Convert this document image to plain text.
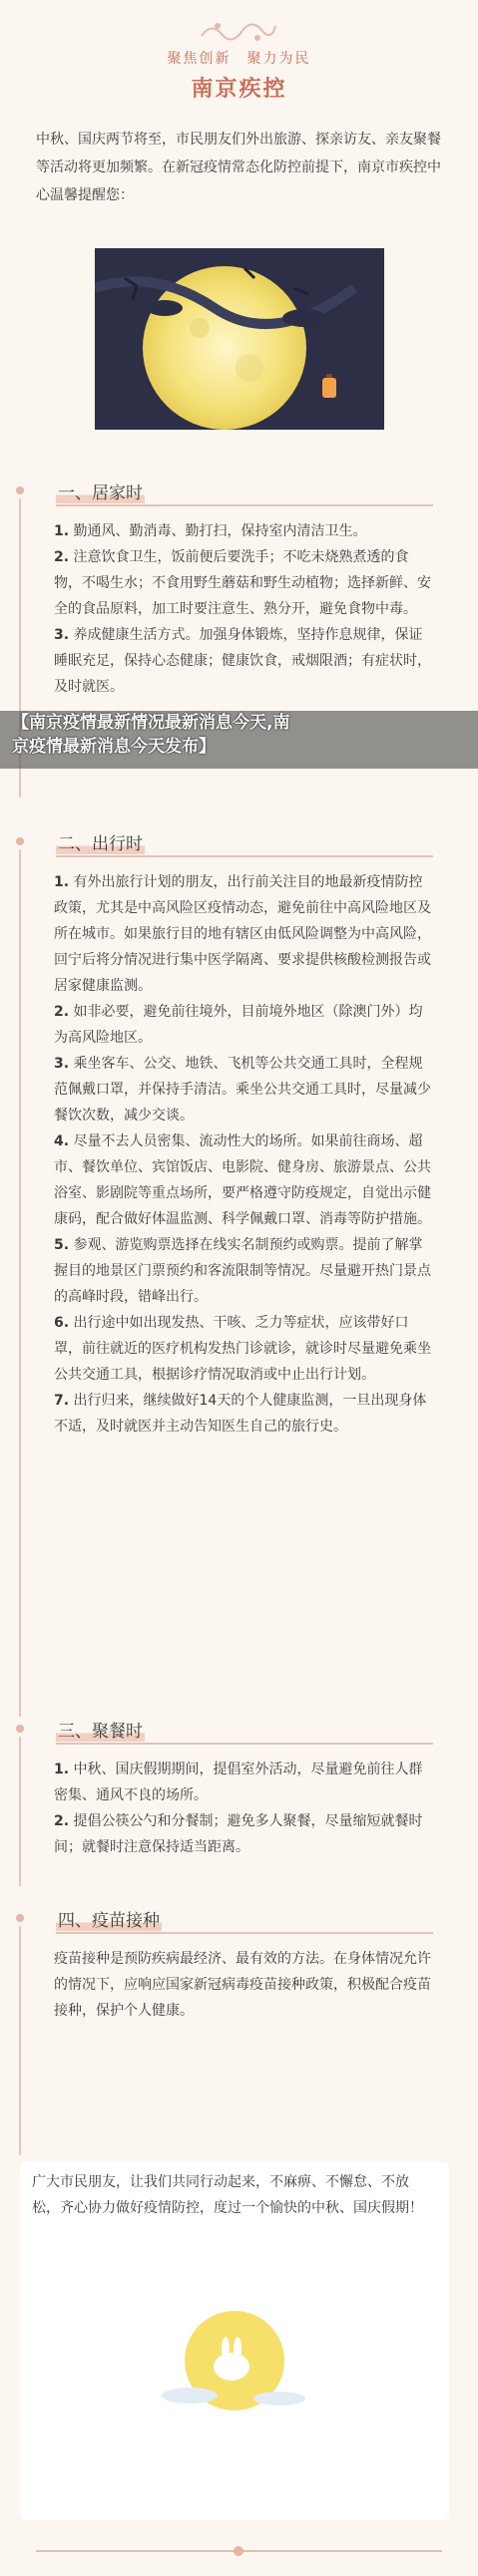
聚焦创新　聚力为民
南京疾控
中秋、国庆两节将至，市民朋友们外出旅游、探亲访友、亲友聚餐等活动将更加频繁。在新冠疫情常态化防控前提下，南京市疾控中心温馨提醒您：
一、居家时
1. 勤通风、勤消毒、勤打扫，保持室内清洁卫生。
2. 注意饮食卫生，饭前便后要洗手；不吃未烧熟煮透的食物，不喝生水；不食用野生蘑菇和野生动植物；选择新鲜、安全的食品原料，加工时要注意生、熟分开，避免食物中毒。
3. 养成健康生活方式。加强身体锻炼，坚持作息规律，保证睡眠充足，保持心态健康；健康饮食，戒烟限酒；有症状时，及时就医。
二、出行时
1. 有外出旅行计划的朋友，出行前关注目的地最新疫情防控政策，尤其是中高风险区疫情动态，避免前往中高风险地区及所在城市。如果旅行目的地有辖区由低风险调整为中高风险，回宁后将分情况进行集中医学隔离、要求提供核酸检测报告或居家健康监测。
2. 如非必要，避免前往境外，目前境外地区（除澳门外）均为高风险地区。
3. 乘坐客车、公交、地铁、飞机等公共交通工具时，全程规范佩戴口罩，并保持手清洁。乘坐公共交通工具时，尽量减少餐饮次数，减少交谈。
4. 尽量不去人员密集、流动性大的场所。如果前往商场、超市、餐饮单位、宾馆饭店、电影院、健身房、旅游景点、公共浴室、影剧院等重点场所，要严格遵守防疫规定，自觉出示健康码，配合做好体温监测、科学佩戴口罩、消毒等防护措施。
5. 参观、游览购票选择在线实名制预约或购票。提前了解掌握目的地景区门票预约和客流限制等情况。尽量避开热门景点的高峰时段，错峰出行。
6. 出行途中如出现发热、干咳、乏力等症状，应该带好口罩，前往就近的医疗机构发热门诊就诊，就诊时尽量避免乘坐公共交通工具，根据诊疗情况取消或中止出行计划。
7. 出行归来，继续做好14天的个人健康监测，一旦出现身体不适，及时就医并主动告知医生自己的旅行史。
【南京疫情最新情况最新消息今天,南
京疫情最新消息今天发布】
三、聚餐时
1. 中秋、国庆假期期间，提倡室外活动，尽量避免前往人群密集、通风不良的场所。
2. 提倡公筷公勺和分餐制；避免多人聚餐，尽量缩短就餐时间；就餐时注意保持适当距离。
四、疫苗接种
疫苗接种是预防疾病最经济、最有效的方法。在身体情况允许的情况下，应响应国家新冠病毒疫苗接种政策，积极配合疫苗接种，保护个人健康。
广大市民朋友，让我们共同行动起来，不麻痹、不懈怠、不放松，齐心协力做好疫情防控，度过一个愉快的中秋、国庆假期！
